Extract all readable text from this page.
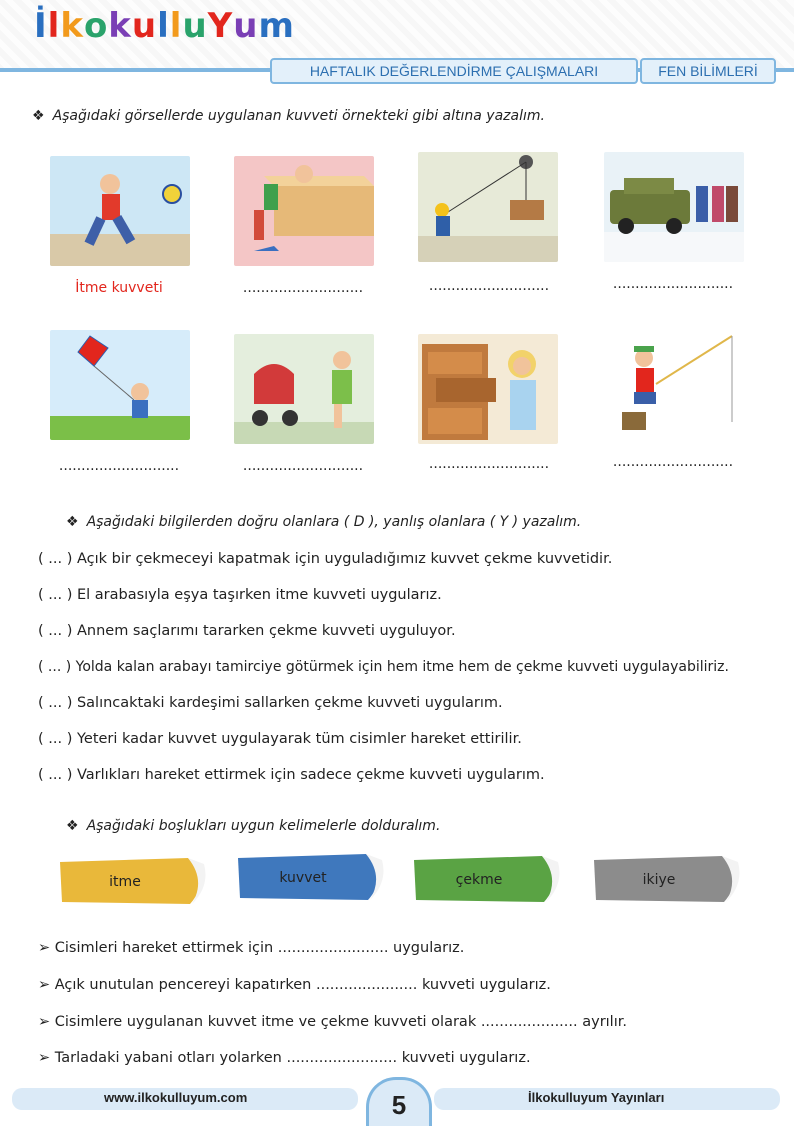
İlkokulluYum
HAFTALIK DEĞERLENDİRME ÇALIŞMALARI	FEN BİLİMLERİ
❖ Aşağıdaki görsellerde uygulanan kuvveti örnekteki gibi altına yazalım.
İtme kuvveti	...........................	...........................	...........................
...........................	...........................	...........................	...........................
❖ Aşağıdaki bilgilerden doğru olanlara ( D ), yanlış olanlara ( Y ) yazalım.
( ... ) Açık bir çekmeceyi kapatmak için uyguladığımız kuvvet çekme kuvvetidir.
( ... ) El arabasıyla eşya taşırken itme kuvveti uygularız.
( ... ) Annem saçlarımı tararken çekme kuvveti uyguluyor.
( ... ) Yolda kalan arabayı tamirciye götürmek için hem itme hem de çekme kuvveti uygulayabiliriz.
( ... ) Salıncaktaki kardeşimi sallarken çekme kuvveti uygularım.
( ... ) Yeteri kadar kuvvet uygulayarak tüm cisimler hareket ettirilir.
( ... ) Varlıkları hareket ettirmek için sadece çekme kuvveti uygularım.
❖ Aşağıdaki boşlukları uygun kelimelerle dolduralım.
itme	kuvvet	çekme	ikiye
➢ Cisimleri hareket ettirmek için ........................ uygularız.
➢ Açık unutulan pencereyi kapatırken ...................... kuvveti uygularız.
➢ Cisimlere uygulanan kuvvet itme ve çekme kuvveti olarak ..................... ayrılır.
➢ Tarladaki yabani otları yolarken ........................ kuvveti uygularız.
www.ilkokulluyum.com	5	İlkokulluyum Yayınları
